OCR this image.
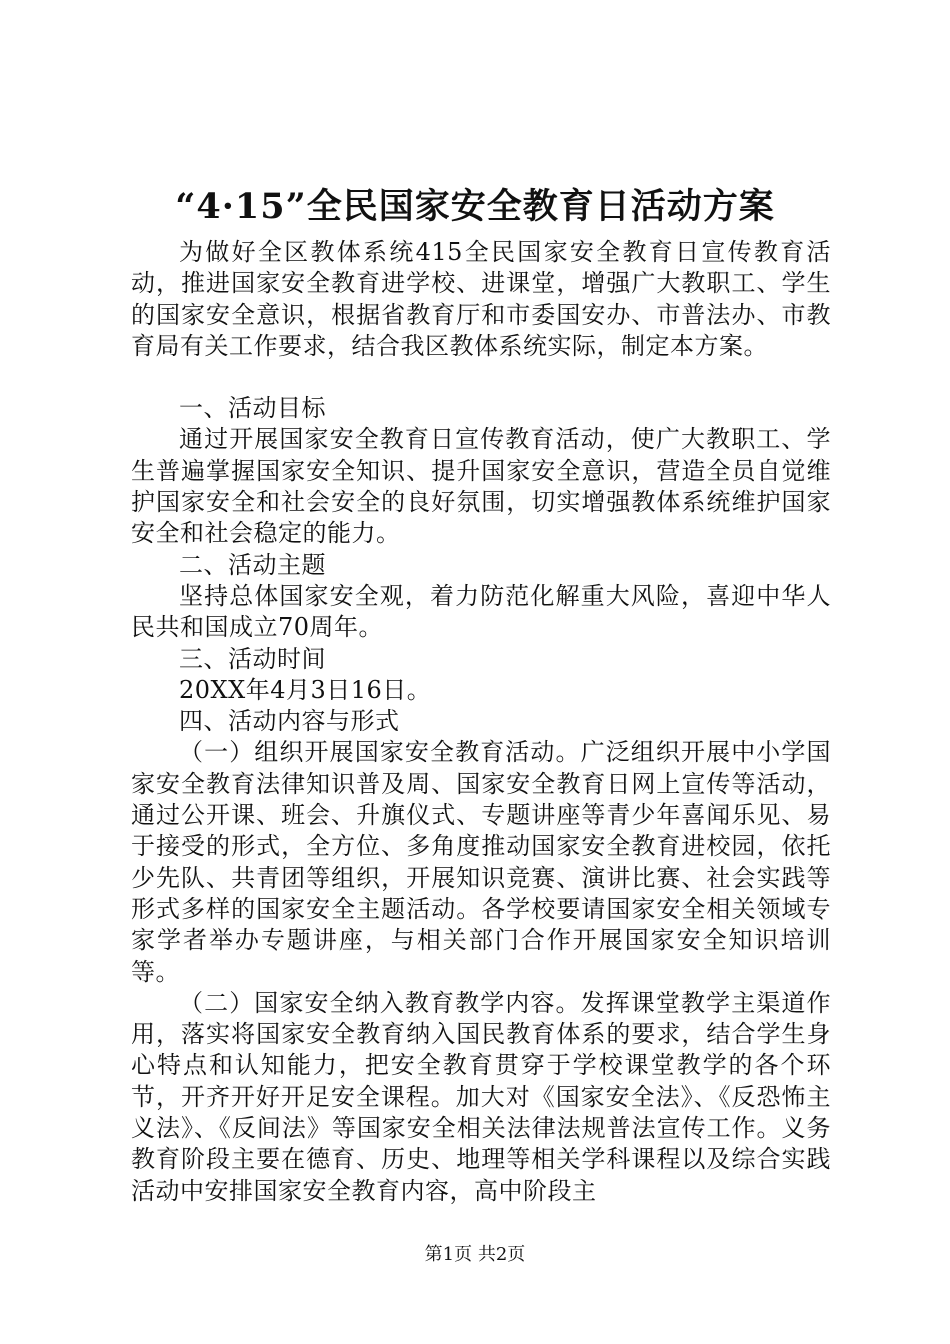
“4·15”全民国家安全教育日活动方案

为做好全区教体系统415全民国家安全教育日宣传教育活动，推进国家安全教育进学校、进课堂，增强广大教职工、学生的国家安全意识，根据省教育厅和市委国安办、市普法办、市教育局有关工作要求，结合我区教体系统实际，制定本方案。

一、活动目标

通过开展国家安全教育日宣传教育活动，使广大教职工、学生普遍掌握国家安全知识、提升国家安全意识，营造全员自觉维护国家安全和社会安全的良好氛围，切实增强教体系统维护国家安全和社会稳定的能力。

二、活动主题

坚持总体国家安全观，着力防范化解重大风险，喜迎中华人民共和国成立70周年。

三、活动时间

20XX年4月3日16日。

四、活动内容与形式

（一）组织开展国家安全教育活动。广泛组织开展中小学国家安全教育法律知识普及周、国家安全教育日网上宣传等活动，通过公开课、班会、升旗仪式、专题讲座等青少年喜闻乐见、易于接受的形式，全方位、多角度推动国家安全教育进校园，依托少先队、共青团等组织，开展知识竞赛、演讲比赛、社会实践等形式多样的国家安全主题活动。各学校要请国家安全相关领域专家学者举办专题讲座，与相关部门合作开展国家安全知识培训等。

（二）国家安全纳入教育教学内容。发挥课堂教学主渠道作用，落实将国家安全教育纳入国民教育体系的要求，结合学生身心特点和认知能力，把安全教育贯穿于学校课堂教学的各个环节，开齐开好开足安全课程。加大对《国家安全法》、《反恐怖主义法》、《反间法》等国家安全相关法律法规普法宣传工作。义务教育阶段主要在德育、历史、地理等相关学科课程以及综合实践活动中安排国家安全教育内容，高中阶段主

第1页 共2页
